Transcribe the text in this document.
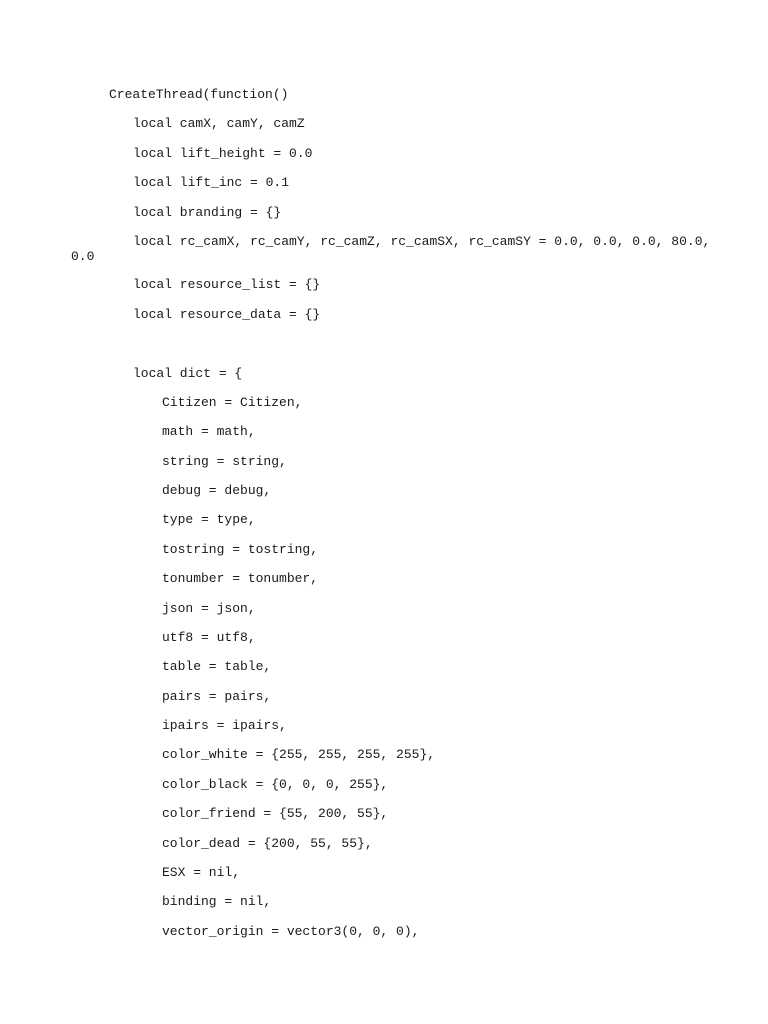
CreateThread(function()
local camX, camY, camZ
local lift_height = 0.0
local lift_inc = 0.1
local branding = {}
local rc_camX, rc_camY, rc_camZ, rc_camSX, rc_camSY = 0.0, 0.0, 0.0, 80.0,
0.0
local resource_list = {}
local resource_data = {}
local dict = {
Citizen = Citizen,
math = math,
string = string,
debug = debug,
type = type,
tostring = tostring,
tonumber = tonumber,
json = json,
utf8 = utf8,
table = table,
pairs = pairs,
ipairs = ipairs,
color_white = {255, 255, 255, 255},
color_black = {0, 0, 0, 255},
color_friend = {55, 200, 55},
color_dead = {200, 55, 55},
ESX = nil,
binding = nil,
vector_origin = vector3(0, 0, 0),
